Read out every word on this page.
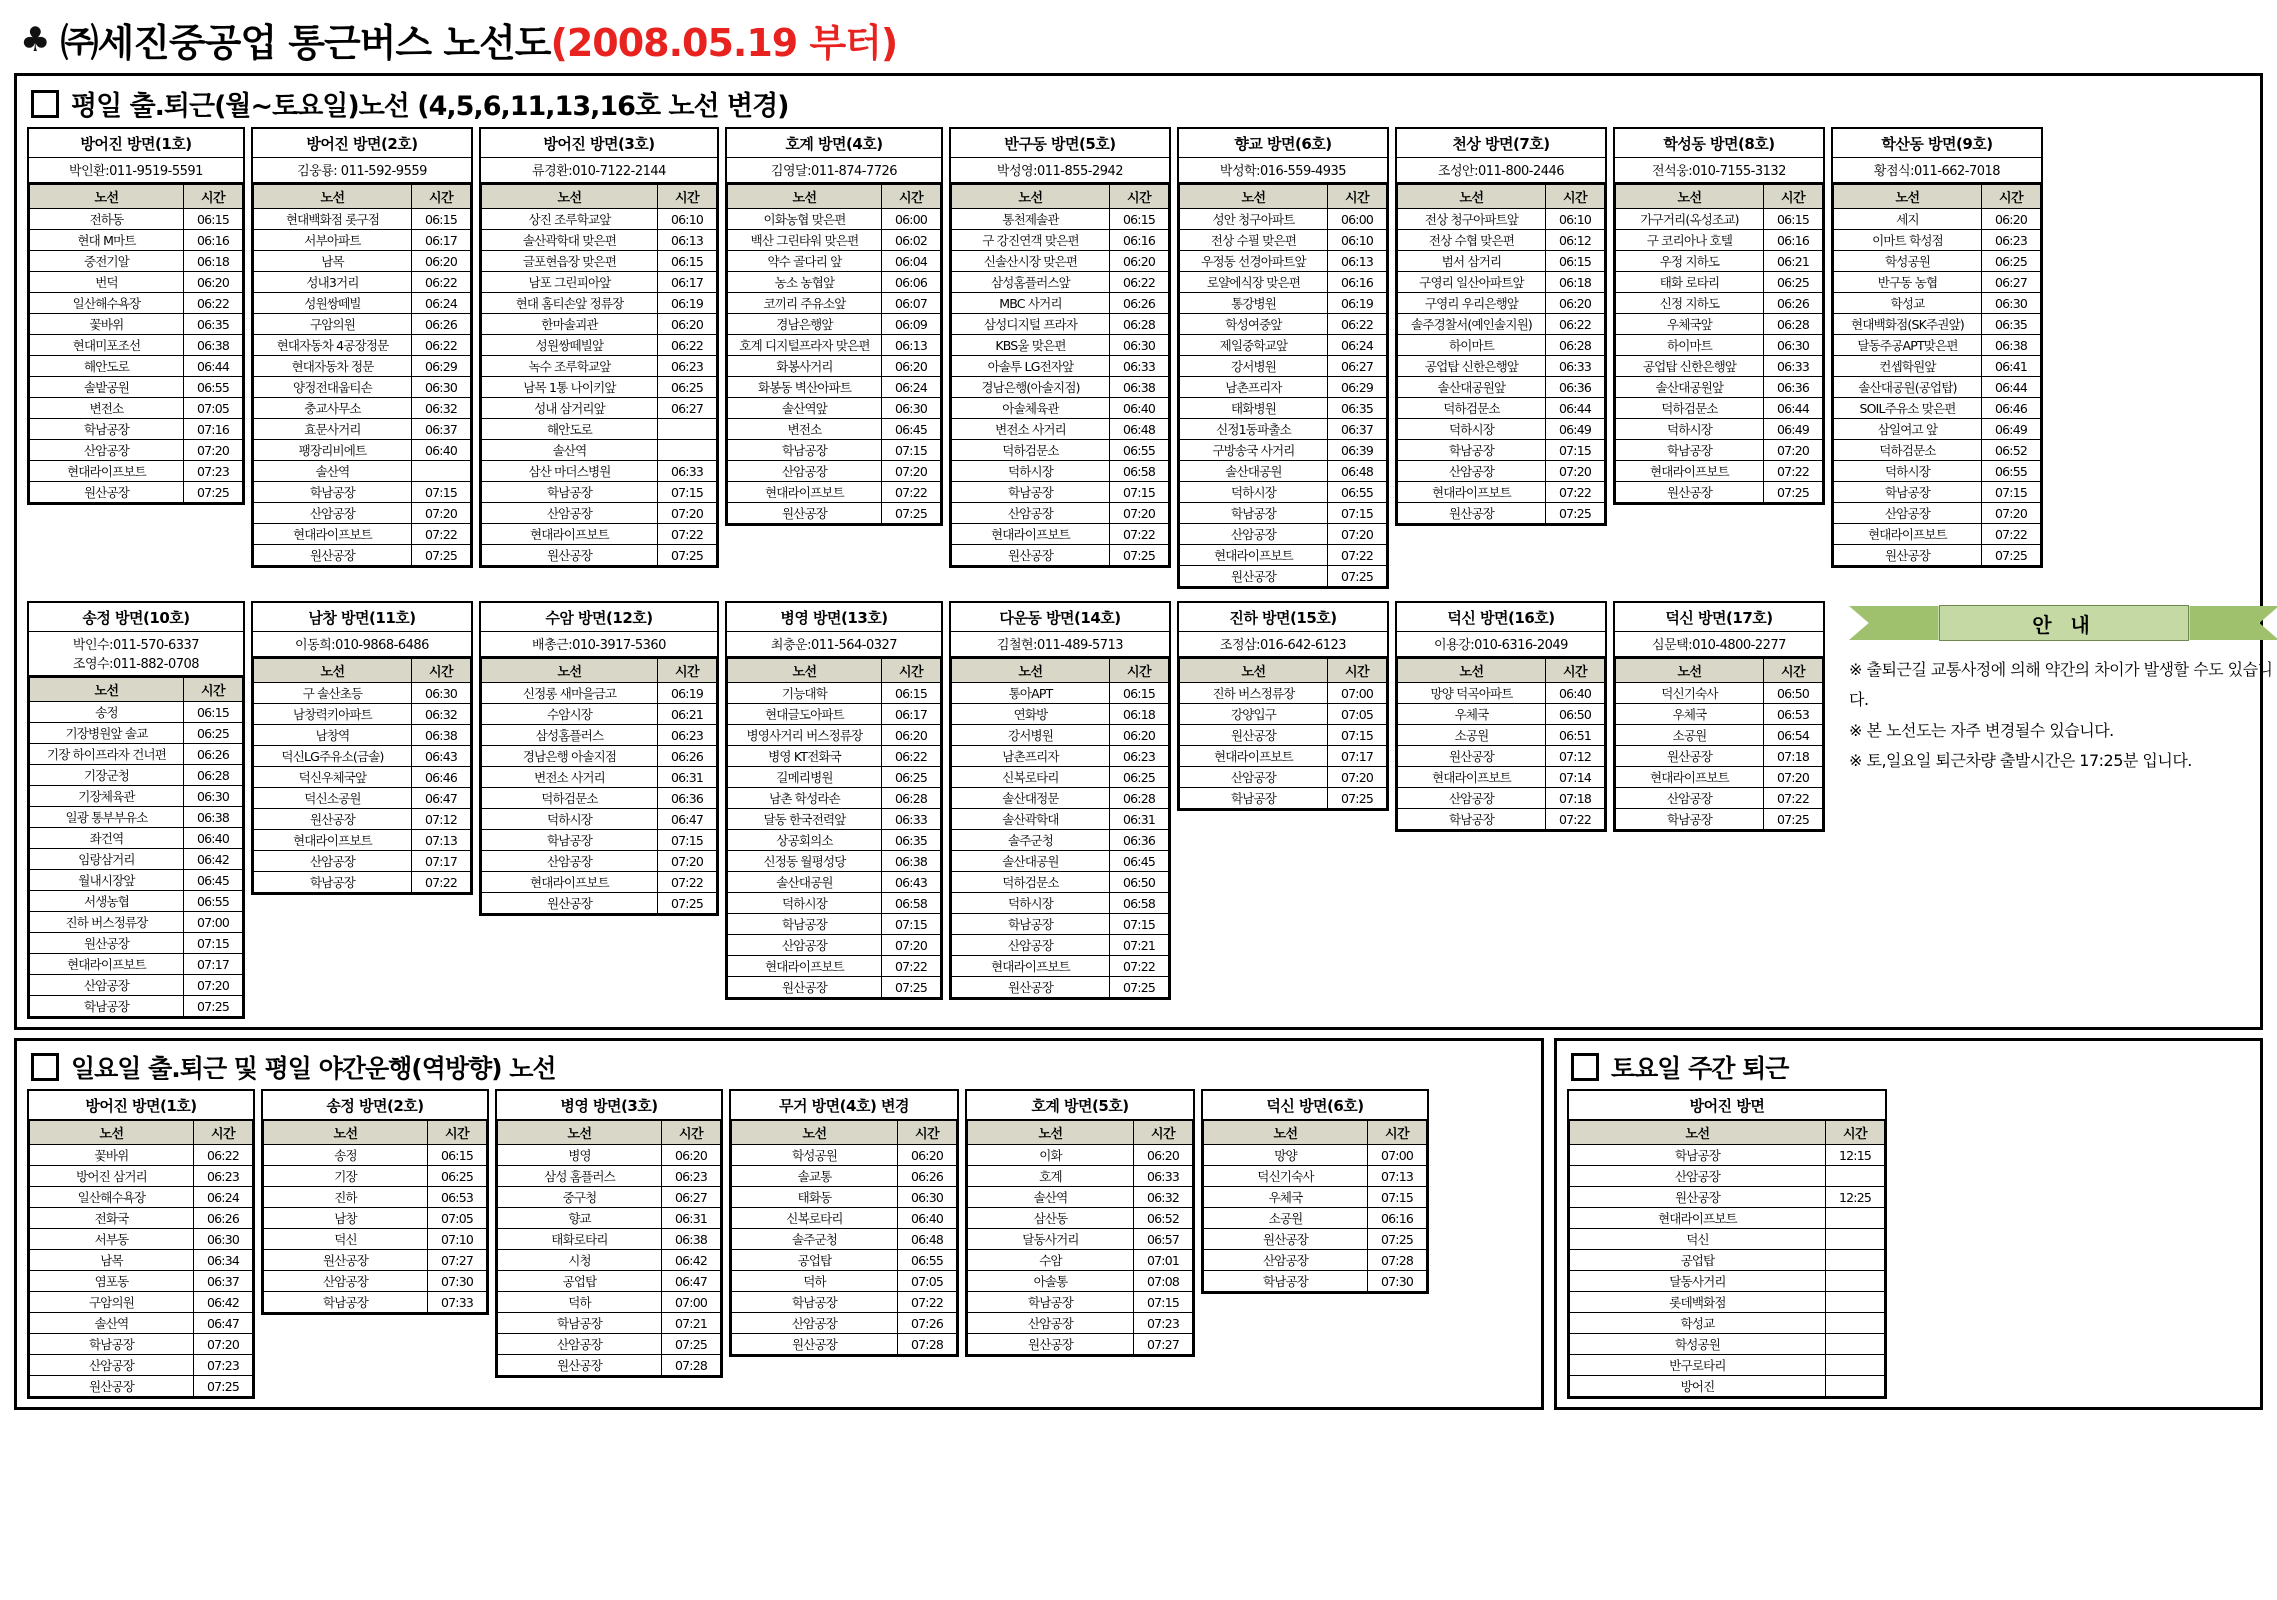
♣ ㈜세진중공업 통근버스 노선도(2008.05.19 부터)
평일 출.퇴근(월~토요일)노선 (4,5,6,11,13,16호 노선 변경)
방어진 방면(1호)
박인환:011-9519-5591
노선	시간
전하동	06:15
현대 M마트	06:16
중전기알	06:18
번덕	06:20
일산해수욕장	06:22
꽃바위	06:35
현대미포조선	06:38
해안도로	06:44
솔밭공원	06:55
변전소	07:05
학남공장	07:16
산암공장	07:20
현대라이프보트	07:23
원산공장	07:25
방어진 방면(2호)
김웅룡: 011-592-9559
노선	시간
현대백화점 롯구점	06:15
서부아파트	06:17
남목	06:20
성내3거리	06:22
성원쌍떼빌	06:24
구암의원	06:26
현대자동차 4공장정문	06:22
현대자동차 정문	06:29
양정전대웁티손	06:30
충교사무소	06:32
효문사거리	06:37
팽장리비에트	06:40
솔산역	
학남공장	07:15
산암공장	07:20
현대라이프보트	07:22
원산공장	07:25
방어진 방면(3호)
류경환:010-7122-2144
노선	시간
상진 조루학교앞	06:10
솔산곽학대 맞은편	06:13
글포현읍장 맞은편	06:15
남포 그린피아앞	06:17
현대 홈티손앞 정류장	06:19
한마솔괴관	06:20
성원쌍떼빌앞	06:22
녹수 조루학교앞	06:23
남목 1통 나이키앞	06:25
성내 삼거리앞	06:27
해안도로	
솔산역	
삼산 마더스병원	06:33
학남공장	07:15
산암공장	07:20
현대라이프보트	07:22
원산공장	07:25
호계 방면(4호)
김영달:011-874-7726
노선	시간
이화농협 맞은편	06:00
백산 그린타워 맞은편	06:02
약수 골다리 앞	06:04
농소 농협앞	06:06
코끼리 주유소앞	06:07
경남은행앞	06:09
호계 디지털프라자 맞은편	06:13
화봉사거리	06:20
화봉동 벽산아파트	06:24
솔산역앞	06:30
변전소	06:45
학남공장	07:15
산암공장	07:20
현대라이프보트	07:22
원산공장	07:25
반구동 방면(5호)
박성영:011-855-2942
노선	시간
통천제솔관	06:15
구 강진연객 맞은편	06:16
신솔산시장 맞은편	06:20
삼성홈플러스앞	06:22
MBC 사거리	06:26
삼성디지털 프라자	06:28
KBS울 맞은편	06:30
아솔투 LG전자앞	06:33
경남은행(아솔지점)	06:38
아솔체육관	06:40
변전소 사거리	06:48
덕하검문소	06:55
덕하시장	06:58
학남공장	07:15
산암공장	07:20
현대라이프보트	07:22
원산공장	07:25
향교 방면(6호)
박성학:016-559-4935
노선	시간
성안 청구아파트	06:00
전상 수필 맞은편	06:10
우정동 선경아파트앞	06:13
로얄에식장 맞은편	06:16
통강병원	06:19
학성여중앞	06:22
제일중학교앞	06:24
강서병원	06:27
남촌프리자	06:29
태화병원	06:35
신정1동파출소	06:37
구방송국 사거리	06:39
솔산대공원	06:48
덕하시장	06:55
학남공장	07:15
산암공장	07:20
현대라이프보트	07:22
원산공장	07:25
천상 방면(7호)
조성안:011-800-2446
노선	시간
전상 청구아파트앞	06:10
전상 수협 맞은편	06:12
범서 삼거리	06:15
구영리 일산아파트앞	06:18
구영리 우리은행앞	06:20
솔주경찰서(예인솔지원)	06:22
하이마트	06:28
공업탑 신한은행앞	06:33
솔산대공원앞	06:36
덕하검문소	06:44
덕하시장	06:49
학남공장	07:15
산암공장	07:20
현대라이프보트	07:22
원산공장	07:25
학성동 방면(8호)
전석웅:010-7155-3132
노선	시간
가구거리(옥성조교)	06:15
구 코리아나 호텔	06:16
우정 지하도	06:21
태화 로타리	06:25
신정 지하도	06:26
우체국앞	06:28
하이마트	06:30
공업탑 신한은행앞	06:33
솔산대공원앞	06:36
덕하검문소	06:44
덕하시장	06:49
학남공장	07:20
현대라이프보트	07:22
원산공장	07:25
학산동 방면(9호)
황점식:011-662-7018
노선	시간
세지	06:20
이마트 학성점	06:23
학성공원	06:25
반구동 농협	06:27
학성교	06:30
현대백화점(SK주권앞)	06:35
달동주공APT맞은편	06:38
컨셉학원앞	06:41
솔산대공원(공업탑)	06:44
SOIL주유소 맞은편	06:46
삼일여고 앞	06:49
덕하검문소	06:52
덕하시장	06:55
학남공장	07:15
산암공장	07:20
현대라이프보트	07:22
원산공장	07:25
송정 방면(10호)
박인수:011-570-6337
조영수:011-882-0708
노선	시간
송정	06:15
기장병원앞 솔교	06:25
기장 하이프라자 건너편	06:26
기장군청	06:28
기장체육관	06:30
일광 통부부유소	06:38
좌건역	06:40
임랑삼거리	06:42
월내시장앞	06:45
서생농협	06:55
진하 버스정류장	07:00
원산공장	07:15
현대라이프보트	07:17
산암공장	07:20
학남공장	07:25
남창 방면(11호)
이동희:010-9868-6486
노선	시간
구 솔산초등	06:30
남창력키아파트	06:32
남창역	06:38
덕신LG주유소(금솔)	06:43
덕신우체국앞	06:46
덕신소공원	06:47
원산공장	07:12
현대라이프보트	07:13
산암공장	07:17
학남공장	07:22
수암 방면(12호)
배총근:010-3917-5360
노선	시간
신정롱 새마을금고	06:19
수암시장	06:21
삼성홈플러스	06:23
경남은행 아솔지점	06:26
변전소 사거리	06:31
덕하검문소	06:36
덕하시장	06:47
학남공장	07:15
산암공장	07:20
현대라이프보트	07:22
원산공장	07:25
병영 방면(13호)
최충운:011-564-0327
노선	시간
기능대학	06:15
현대글도아파트	06:17
병영사거리 버스정류장	06:20
병영 KT전화국	06:22
길메리병원	06:25
남촌 학성라손	06:28
달동 한국전력앞	06:33
상공회의소	06:35
신정동 월평성당	06:38
솔산대공원	06:43
덕하시장	06:58
학남공장	07:15
산암공장	07:20
현대라이프보트	07:22
원산공장	07:25
다운동 방면(14호)
김철현:011-489-5713
노선	시간
통아APT	06:15
연화방	06:18
강서병원	06:20
남촌프리자	06:23
신복로타리	06:25
솔산대정문	06:28
솔산곽학대	06:31
솔주군청	06:36
솔산대공원	06:45
덕하검문소	06:50
덕하시장	06:58
학남공장	07:15
산암공장	07:21
현대라이프보트	07:22
원산공장	07:25
진하 방면(15호)
조정삼:016-642-6123
노선	시간
진하 버스정류장	07:00
강양입구	07:05
원산공장	07:15
현대라이프보트	07:17
산암공장	07:20
학남공장	07:25
덕신 방면(16호)
이용강:010-6316-2049
노선	시간
망양 덕곡아파트	06:40
우체국	06:50
소공원	06:51
원산공장	07:12
현대라이프보트	07:14
산암공장	07:18
학남공장	07:22
덕신 방면(17호)
심문택:010-4800-2277
노선	시간
덕신기숙사	06:50
우체국	06:53
소공원	06:54
원산공장	07:18
현대라이프보트	07:20
산암공장	07:22
학남공장	07:25
안 내
※ 출퇴근길 교통사정에 의해 약간의 차이가 발생할 수도 있습니다.
※ 본 노선도는 자주 변경될수 있습니다.
※ 토,일요일 퇴근차량 출발시간은 17:25분 입니다.
일요일 출.퇴근 및 평일 야간운행(역방향) 노선
방어진 방면(1호)
노선	시간
꽃바위	06:22
방어진 삼거리	06:23
일산해수욕장	06:24
전화국	06:26
서부동	06:30
남목	06:34
염포동	06:37
구암의원	06:42
솔산역	06:47
학남공장	07:20
산암공장	07:23
원산공장	07:25
송정 방면(2호)
노선	시간
송정	06:15
기장	06:25
진하	06:53
남창	07:05
덕신	07:10
원산공장	07:27
산암공장	07:30
학남공장	07:33
병영 방면(3호)
노선	시간
병영	06:20
삼성 홈플러스	06:23
중구청	06:27
향교	06:31
태화로타리	06:38
시청	06:42
공업탑	06:47
덕하	07:00
학남공장	07:21
산암공장	07:25
원산공장	07:28
무거 방면(4호) 변경
노선	시간
학성공원	06:20
솔교통	06:26
태화동	06:30
신복로타리	06:40
솔주군청	06:48
공업탑	06:55
덕하	07:05
학남공장	07:22
산암공장	07:26
원산공장	07:28
호계 방면(5호)
노선	시간
이화	06:20
호계	06:33
솔산역	06:32
삼산동	06:52
달동사거리	06:57
수암	07:01
아솔통	07:08
학남공장	07:15
산암공장	07:23
원산공장	07:27
덕신 방면(6호)
노선	시간
망양	07:00
덕신기숙사	07:13
우체국	07:15
소공원	06:16
원산공장	07:25
산암공장	07:28
학남공장	07:30
토요일 주간 퇴근
방어진 방면
노선	시간
학남공장	12:15
산암공장	
원산공장	12:25
현대라이프보트	
덕신	
공업탑	
달동사거리	
롯데백화점	
학성교	
학성공원	
반구로타리	
방어진	
